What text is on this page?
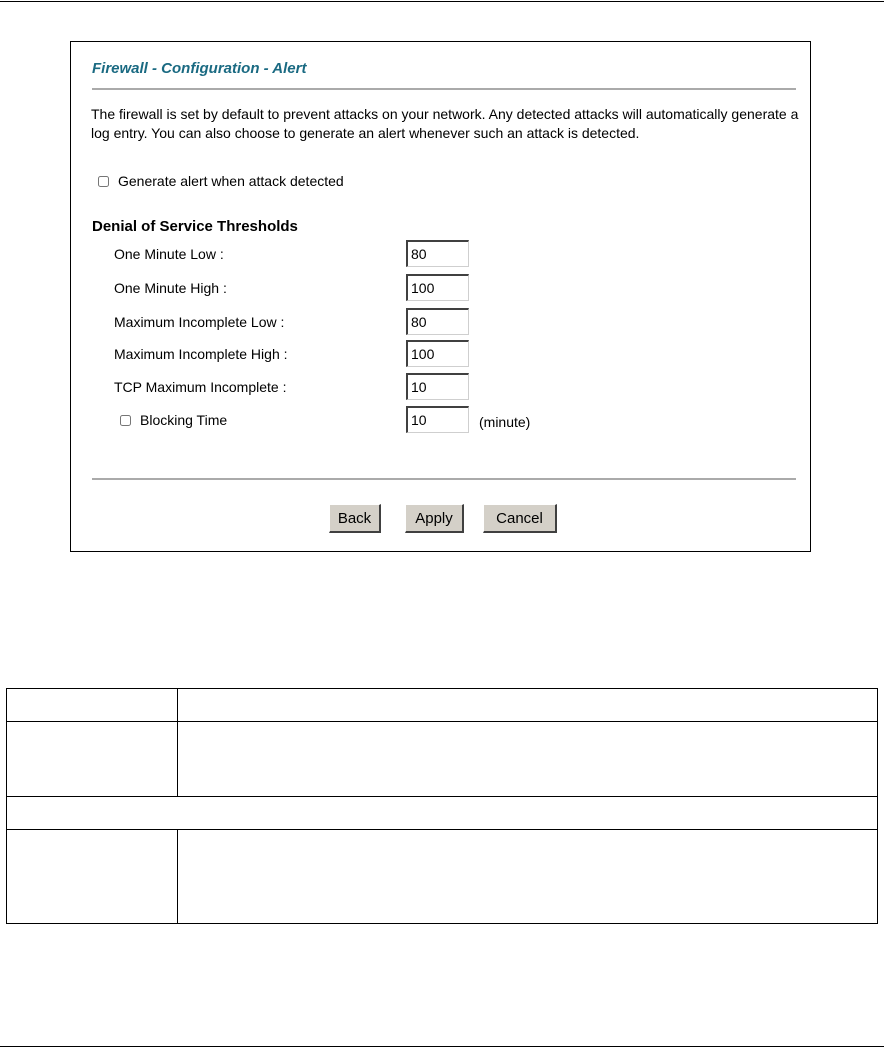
Firewall - Configuration - Alert

The firewall is set by default to prevent attacks on your network. Any detected attacks will automatically generate a log entry. You can also choose to generate an alert whenever such an attack is detected.

Generate alert when attack detected
Denial of Service Thresholds
One Minute Low :
80
One Minute High :
100
Maximum Incomplete Low :
80
Maximum Incomplete High :
100
TCP Maximum Incomplete :
10
Blocking Time
10	(minute)
Back	Apply	Cancel
